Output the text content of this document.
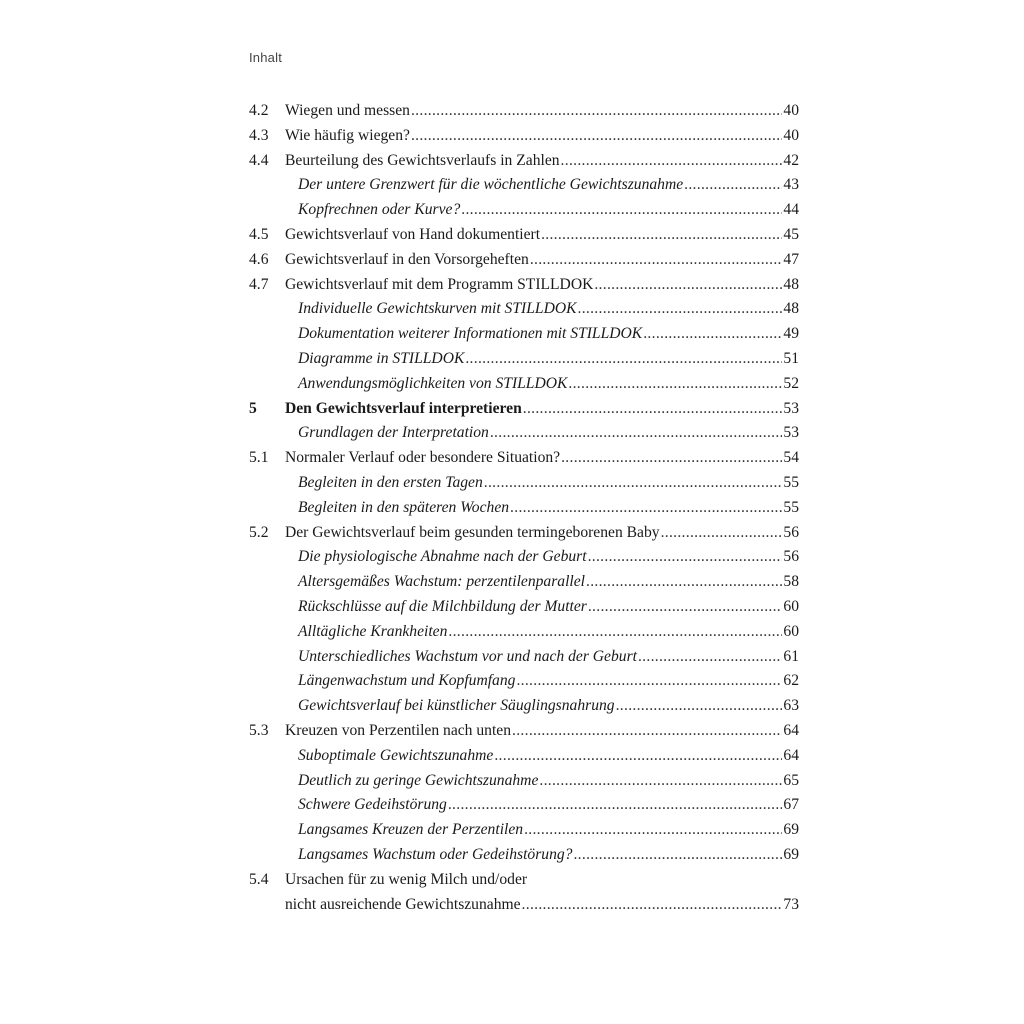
Inhalt
4.2	Wiegen und messen .....	40
4.3	Wie häufig wiegen? .....	40
4.4	Beurteilung des Gewichtsverlaufs in Zahlen .....	42
Der untere Grenzwert für die wöchentliche Gewichtszunahme .....	43
Kopfrechnen oder Kurve? .....	44
4.5	Gewichtsverlauf von Hand dokumentiert .....	45
4.6	Gewichtsverlauf in den Vorsorgeheften .....	47
4.7	Gewichtsverlauf mit dem Programm STILLDOK .....	48
Individuelle Gewichtskurven mit STILLDOK .....	48
Dokumentation weiterer Informationen mit STILLDOK .....	49
Diagramme in STILLDOK .....	51
Anwendungsmöglichkeiten von STILLDOK .....	52
5	Den Gewichtsverlauf interpretieren .....	53
Grundlagen der Interpretation .....	53
5.1	Normaler Verlauf oder besondere Situation? .....	54
Begleiten in den ersten Tagen .....	55
Begleiten in den späteren Wochen .....	55
5.2	Der Gewichtsverlauf beim gesunden termingeborenen Baby .....	56
Die physiologische Abnahme nach der Geburt .....	56
Altersgemäßes Wachstum: perzentilenparallel .....	58
Rückschlüsse auf die Milchbildung der Mutter .....	60
Alltägliche Krankheiten .....	60
Unterschiedliches Wachstum vor und nach der Geburt .....	61
Längenwachstum und Kopfumfang .....	62
Gewichtsverlauf bei künstlicher Säuglingsnahrung .....	63
5.3	Kreuzen von Perzentilen nach unten .....	64
Suboptimale Gewichtszunahme .....	64
Deutlich zu geringe Gewichtszunahme .....	65
Schwere Gedeihstörung .....	67
Langsames Kreuzen der Perzentilen .....	69
Langsames Wachstum oder Gedeihstörung? .....	69
5.4	Ursachen für zu wenig Milch und/oder
nicht ausreichende Gewichtszunahme .....	73
